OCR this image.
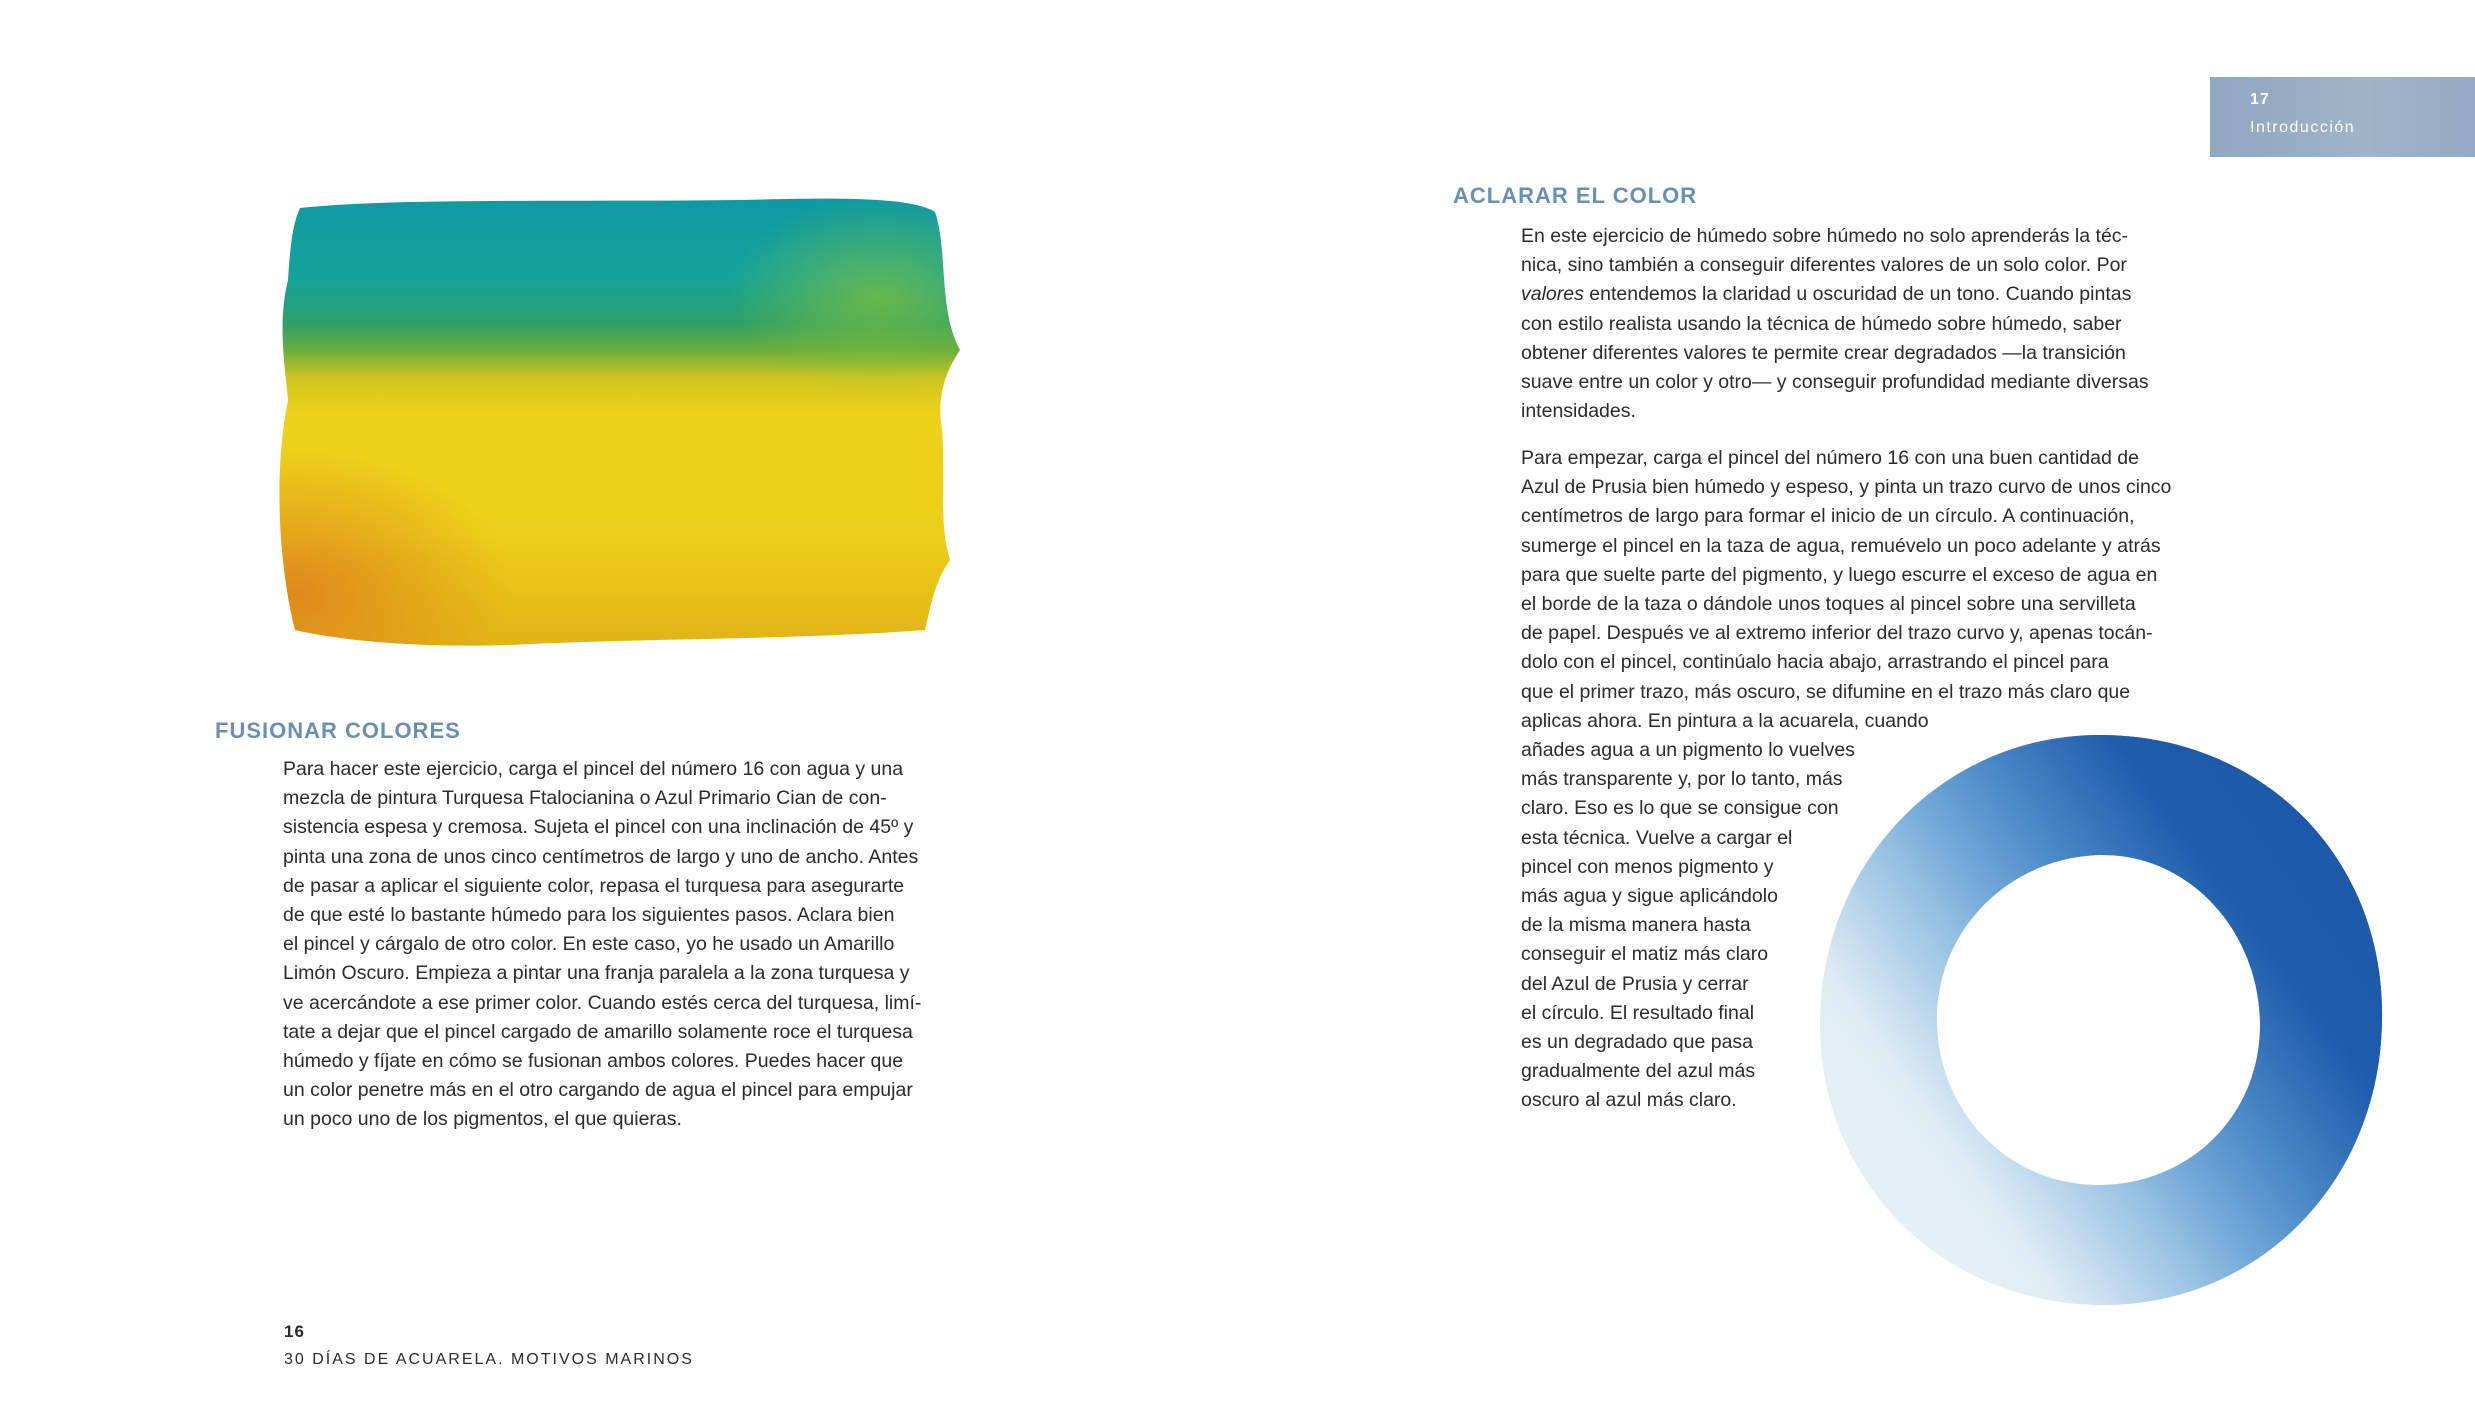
FUSIONAR COLORES
Para hacer este ejercicio, carga el pincel del número 16 con agua y una
mezcla de pintura Turquesa Ftalocianina o Azul Primario Cian de con-
sistencia espesa y cremosa. Sujeta el pincel con una inclinación de 45º y
pinta una zona de unos cinco centímetros de largo y uno de ancho. Antes
de pasar a aplicar el siguiente color, repasa el turquesa para asegurarte
de que esté lo bastante húmedo para los siguientes pasos. Aclara bien
el pincel y cárgalo de otro color. En este caso, yo he usado un Amarillo
Limón Oscuro. Empieza a pintar una franja paralela a la zona turquesa y
ve acercándote a ese primer color. Cuando estés cerca del turquesa, limí-
tate a dejar que el pincel cargado de amarillo solamente roce el turquesa
húmedo y fíjate en cómo se fusionan ambos colores. Puedes hacer que
un color penetre más en el otro cargando de agua el pincel para empujar
un poco uno de los pigmentos, el que quieras.
16
30 DÍAS DE ACUARELA. MOTIVOS MARINOS
17
Introducción
ACLARAR EL COLOR
En este ejercicio de húmedo sobre húmedo no solo aprenderás la téc-
nica, sino también a conseguir diferentes valores de un solo color. Por
valores entendemos la claridad u oscuridad de un tono. Cuando pintas
con estilo realista usando la técnica de húmedo sobre húmedo, saber
obtener diferentes valores te permite crear degradados —la transición
suave entre un color y otro— y conseguir profundidad mediante diversas
intensidades.
Para empezar, carga el pincel del número 16 con una buen cantidad de
Azul de Prusia bien húmedo y espeso, y pinta un trazo curvo de unos cinco
centímetros de largo para formar el inicio de un círculo. A continuación,
sumerge el pincel en la taza de agua, remuévelo un poco adelante y atrás
para que suelte parte del pigmento, y luego escurre el exceso de agua en
el borde de la taza o dándole unos toques al pincel sobre una servilleta
de papel. Después ve al extremo inferior del trazo curvo y, apenas tocán-
dolo con el pincel, continúalo hacia abajo, arrastrando el pincel para
que el primer trazo, más oscuro, se difumine en el trazo más claro que
aplicas ahora. En pintura a la acuarela, cuando
añades agua a un pigmento lo vuelves
más transparente y, por lo tanto, más
claro. Eso es lo que se consigue con
esta técnica. Vuelve a cargar el
pincel con menos pigmento y
más agua y sigue aplicándolo
de la misma manera hasta
conseguir el matiz más claro
del Azul de Prusia y cerrar
el círculo. El resultado final
es un degradado que pasa
gradualmente del azul más
oscuro al azul más claro.
